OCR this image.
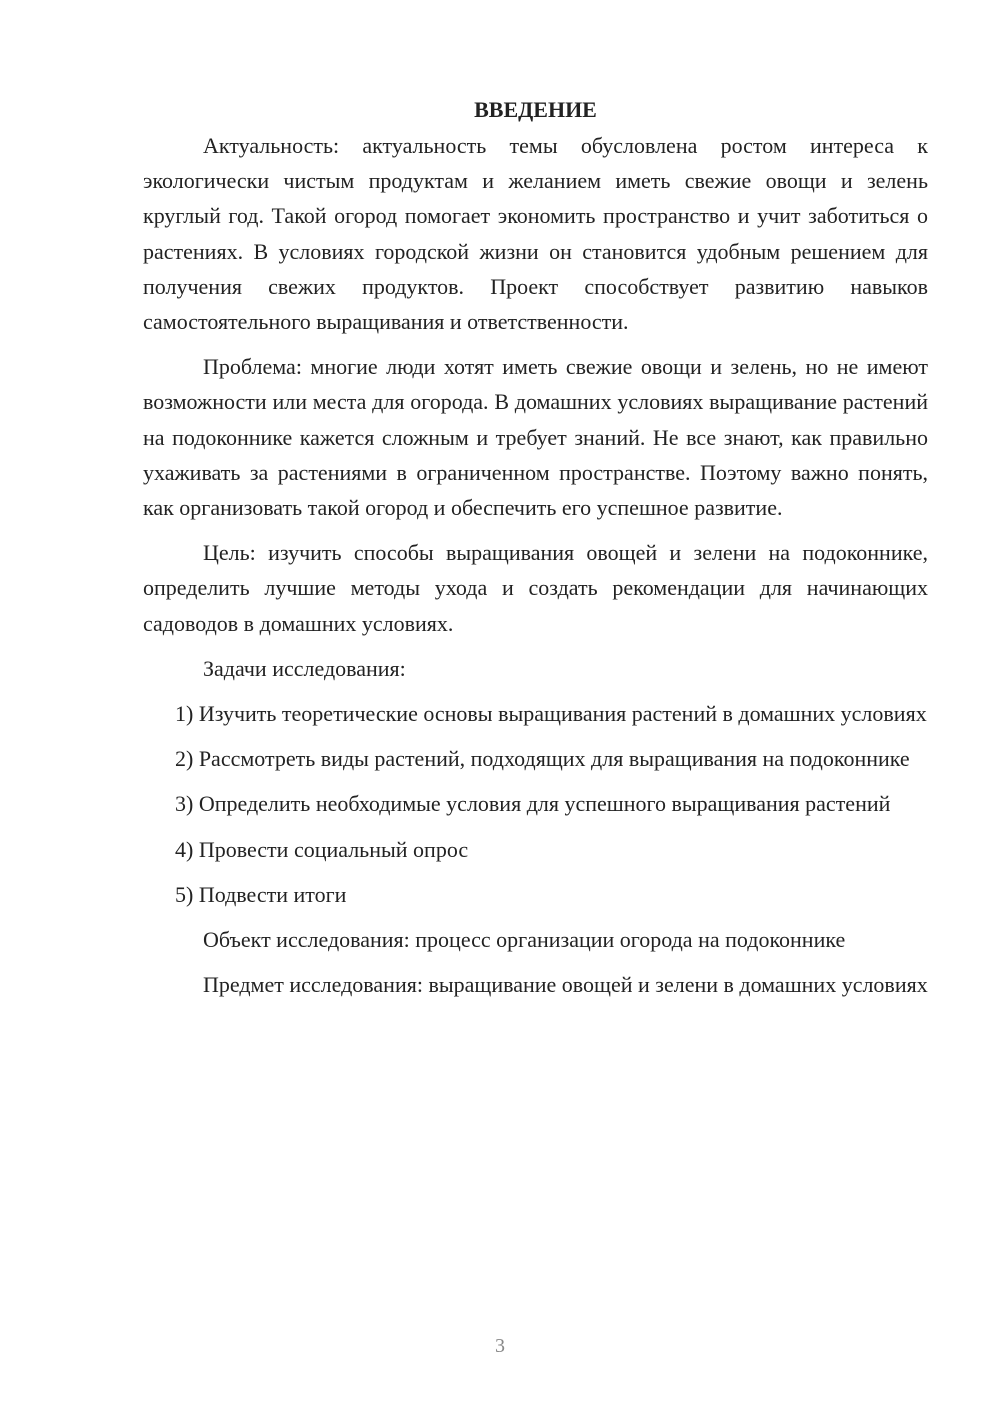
ВВЕДЕНИЕ

Актуальность: актуальность темы обусловлена ростом интереса к экологически чистым продуктам и желанием иметь свежие овощи и зелень круглый год. Такой огород помогает экономить пространство и учит заботиться о растениях. В условиях городской жизни он становится удобным решением для получения свежих продуктов. Проект способствует развитию навыков самостоятельного выращивания и ответственности.

Проблема: многие люди хотят иметь свежие овощи и зелень, но не имеют возможности или места для огорода. В домашних условиях выращивание растений на подоконнике кажется сложным и требует знаний. Не все знают, как правильно ухаживать за растениями в ограниченном пространстве. Поэтому важно понять, как организовать такой огород и обеспечить его успешное развитие.

Цель: изучить способы выращивания овощей и зелени на подоконнике, определить лучшие методы ухода и создать рекомендации для начинающих садоводов в домашних условиях.

Задачи исследования:

1) Изучить теоретические основы выращивания растений в домашних условиях

2) Рассмотреть виды растений, подходящих для выращивания на подоконнике

3) Определить необходимые условия для успешного выращивания растений

4) Провести социальный опрос

5) Подвести итоги

Объект исследования: процесс организации огорода на подоконнике

Предмет исследования: выращивание овощей и зелени в домашних условиях

3
